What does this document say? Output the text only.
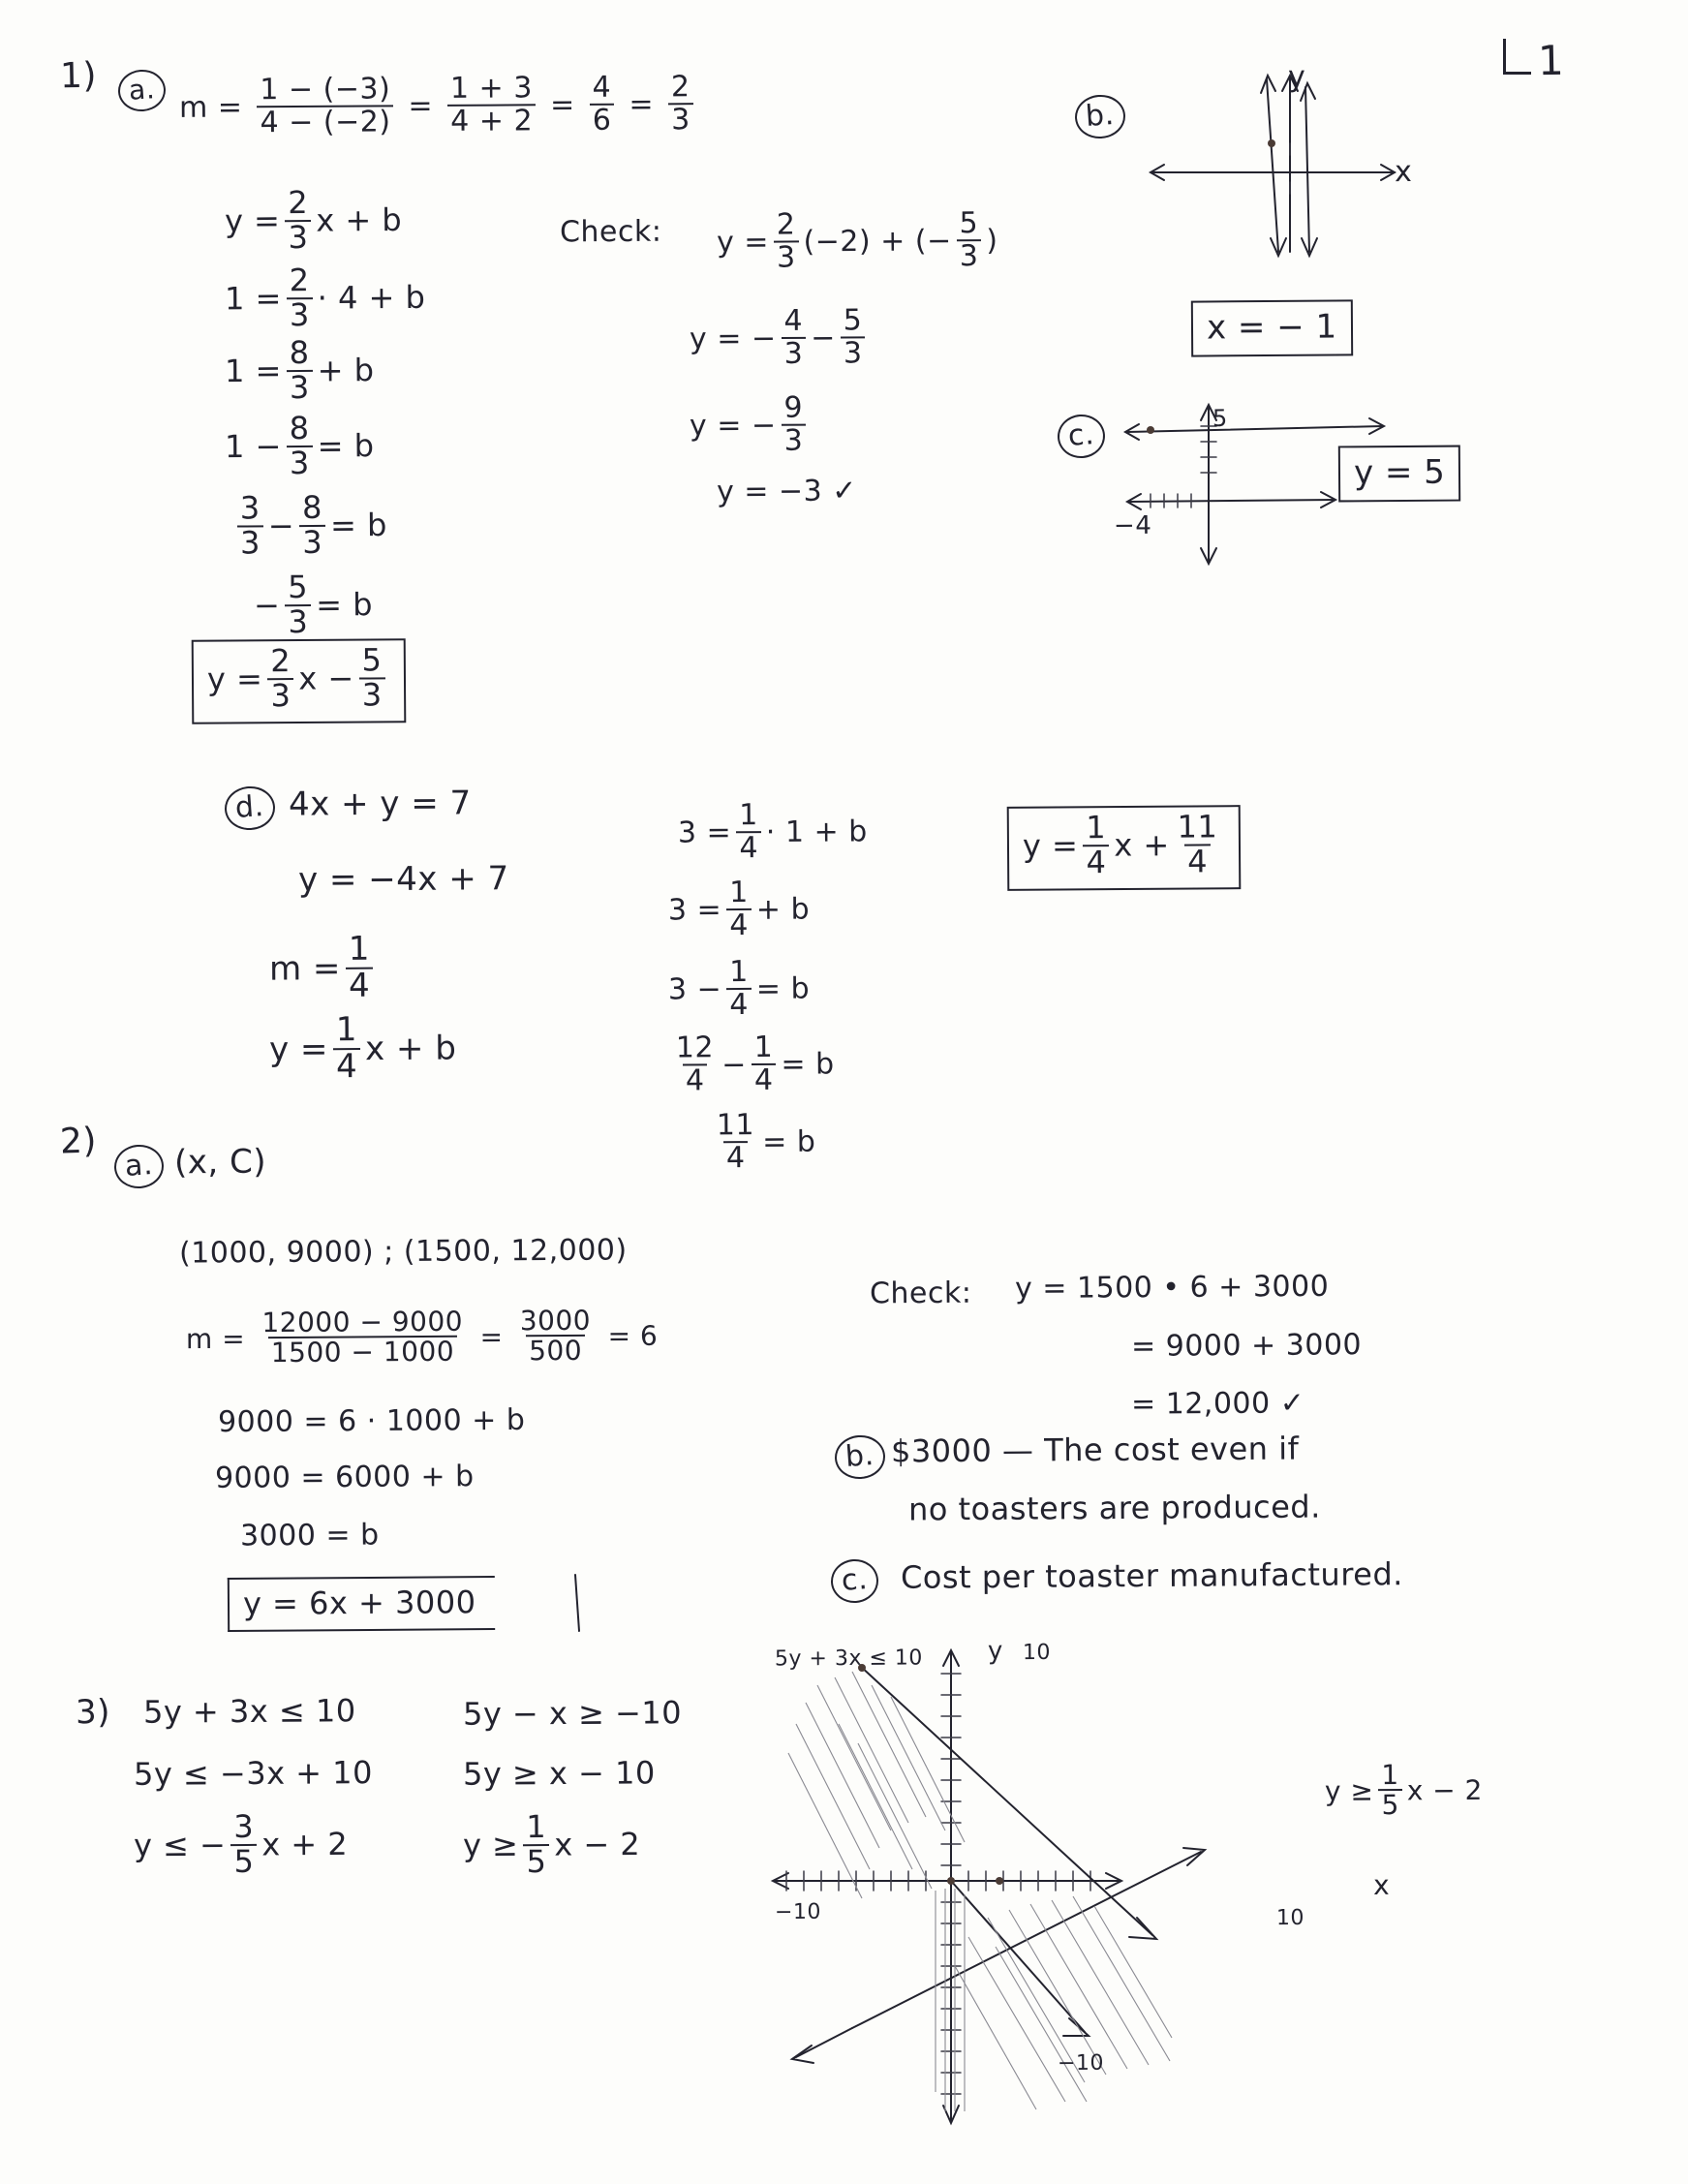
1
1)	a.
$m = \frac{1 - (-3)}{4 - (-2)} = \frac{1 + 3}{4 + 2} = \frac{4}{6} = \frac{2}{3}$
$y = \frac{2}{3}$ x + b
$1 = \frac{2}{3} \cdot 4 + b$
$1 = \frac{8}{3} + b$
$1 - \frac{8}{3} = b$
$\frac{3}{3} - \frac{8}{3} = b$
− $\frac{5}{3} = b$
$y = \frac{2}{3}$ $x - \frac{5}{3}$
Check: $y = \frac{2}{3} (-2)$ + (− $\frac{5}{3}$ )
y = − $\frac{4}{3} - \frac{5}{3}$
y = − $\frac{9}{3}$
y = −3 ✓
b.
x
y
x = − 1
c.	5
−4
y = 5
d. 4x + y = 7
y = −4x + 7
$m = \frac{1}{4}$
$y = \frac{1}{4}$ x + b
$3 = \frac{1}{4} \cdot 1 + b$
$3 = \frac{1}{4} + b$
$3 - \frac{1}{4} = b$
$\frac{12}{4} - \frac{1}{4} = b$
$\frac{11}{4} = b$
$y = \frac{1}{4}$ $x + \frac{11}{4}$
2)
a. (x, C)
(1000, 9000) ; (1500, 12,000)
$m = \frac{12000 - 9000}{1500 - 1000} = \frac{3000}{500} = 6$
9000 = 6 · 1000 + b
9000 = 6000 + b
3000 = b
y = 6x + 3000
Check: y = 1500 • 6 + 3000
= 9000 + 3000
= 12,000 ✓
b. $3000 — The cost even if
no toasters are produced.
c.	Cost per toaster manufactured.
3) 5y + 3x ≤ 10
5y ≤ −3x + 10
y ≤ − $\frac{3}{5}$ x + 2
5y − x ≥ −10
5y ≥ x − 10
$y \ge \frac{1}{5}$ x − 2
5y + 3x ≤ 10
$y \ge \frac{1}{5}$ x − 2
y 10
−10	10
−10
x
